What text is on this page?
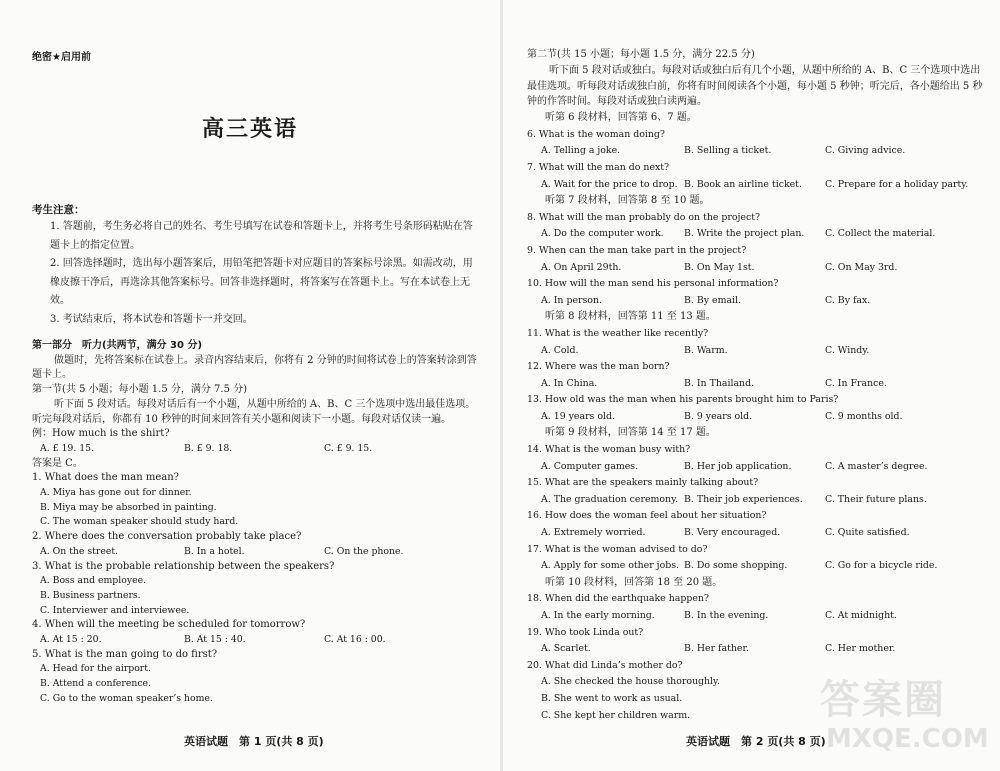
绝密★启用前
高三英语
考生注意：

1. 答题前，考生务必将自己的姓名、考生号填写在试卷和答题卡上，并将考生号条形码粘贴在答题卡上的指定位置。

2. 回答选择题时，选出每小题答案后，用铅笔把答题卡对应题目的答案标号涂黑。如需改动，用橡皮擦干净后，再选涂其他答案标号。回答非选择题时，将答案写在答题卡上。写在本试卷上无效。

3. 考试结束后，将本试卷和答题卡一并交回。

第一部分　听力(共两节，满分 30 分)
做题时，先将答案标在试卷上。录音内容结束后，你将有 2 分钟的时间将试卷上的答案转涂到答题卡上。
第一节(共 5 小题；每小题 1.5 分，满分 7.5 分)
听下面 5 段对话。每段对话后有一个小题，从题中所给的 A、B、C 三个选项中选出最佳选项。听完每段对话后，你都有 10 秒钟的时间来回答有关小题和阅读下一小题。每段对话仅读一遍。
例：How much is the shirt?
A. £ 19. 15.	B. £ 9. 18.	C. £ 9. 15.
答案是 C。
1. What does the man mean?
A. Miya has gone out for dinner.
B. Miya may be absorbed in painting.
C. The woman speaker should study hard.
2. Where does the conversation probably take place?
A. On the street.	B. In a hotel.	C. On the phone.
3. What is the probable relationship between the speakers?
A. Boss and employee.
B. Business partners.
C. Interviewer and interviewee.
4. When will the meeting be scheduled for tomorrow?
A. At 15 : 20.	B. At 15 : 40.	C. At 16 : 00.
5. What is the man going to do first?
A. Head for the airport.
B. Attend a conference.
C. Go to the woman speaker’s home.
英语试题　第 1 页(共 8 页)
第二节(共 15 小题；每小题 1.5 分，满分 22.5 分)
听下面 5 段对话或独白。每段对话或独白后有几个小题，从题中所给的 A、B、C 三个选项中选出最佳选项。听每段对话或独白前，你将有时间阅读各个小题，每小题 5 秒钟；听完后，各小题给出 5 秒钟的作答时间。每段对话或独白读两遍。
听第 6 段材料，回答第 6、7 题。
6. What is the woman doing?
A. Telling a joke.	B. Selling a ticket.	C. Giving advice.
7. What will the man do next?
A. Wait for the price to drop. B. Book an airline ticket. C. Prepare for a holiday party.
听第 7 段材料，回答第 8 至 10 题。
8. What will the man probably do on the project?
A. Do the computer work. B. Write the project plan. C. Collect the material.
9. When can the man take part in the project?
A. On April 29th.	B. On May 1st.	C. On May 3rd.
10. How will the man send his personal information?
A. In person.	B. By email.	C. By fax.
听第 8 段材料，回答第 11 至 13 题。
11. What is the weather like recently?
A. Cold.	B. Warm.	C. Windy.
12. Where was the man born?
A. In China.	B. In Thailand.	C. In France.
13. How old was the man when his parents brought him to Paris?
A. 19 years old.	B. 9 years old.	C. 9 months old.
听第 9 段材料，回答第 14 至 17 题。
14. What is the woman busy with?
A. Computer games.	B. Her job application.	C. A master’s degree.
15. What are the speakers mainly talking about?
A. The graduation ceremony. B. Their job experiences. C. Their future plans.
16. How does the woman feel about her situation?
A. Extremely worried.	B. Very encouraged.	C. Quite satisfied.
17. What is the woman advised to do?
A. Apply for some other jobs. B. Do some shopping.	C. Go for a bicycle ride.
听第 10 段材料，回答第 18 至 20 题。
18. When did the earthquake happen?
A. In the early morning.	B. In the evening.	C. At midnight.
19. Who took Linda out?
A. Scarlet.	B. Her father.	C. Her mother.
20. What did Linda’s mother do?
A. She checked the house thoroughly.
B. She went to work as usual.
C. She kept her children warm.
英语试题　第 2 页(共 8 页)
答案圈
MXQE.COM
